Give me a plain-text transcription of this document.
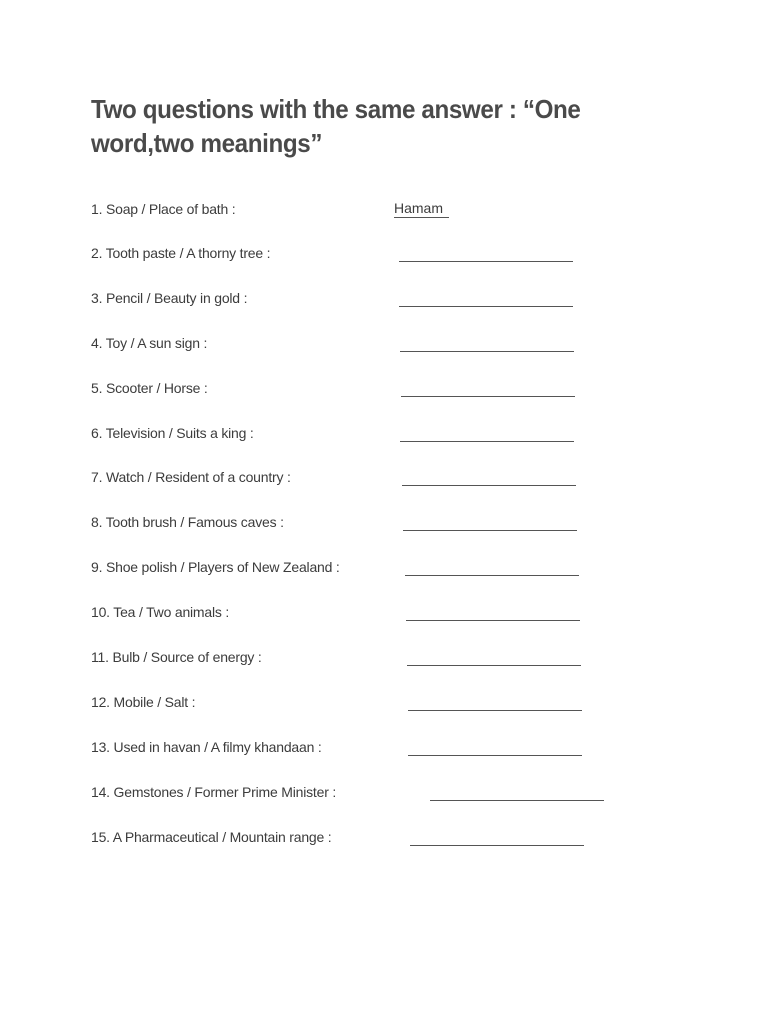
Two questions with the same answer : “One word,two meanings”
1. Soap / Place of bath :	Hamam
2. Tooth paste / A thorny tree :
3. Pencil / Beauty in gold :
4. Toy / A sun sign :
5. Scooter / Horse :
6. Television / Suits a king :
7. Watch / Resident of a country :
8. Tooth brush / Famous caves :
9. Shoe polish / Players of New Zealand :
10. Tea / Two animals :
11. Bulb / Source of energy :
12. Mobile / Salt :
13. Used in havan / A filmy khandaan :
14. Gemstones / Former Prime Minister :
15. A Pharmaceutical / Mountain range :
